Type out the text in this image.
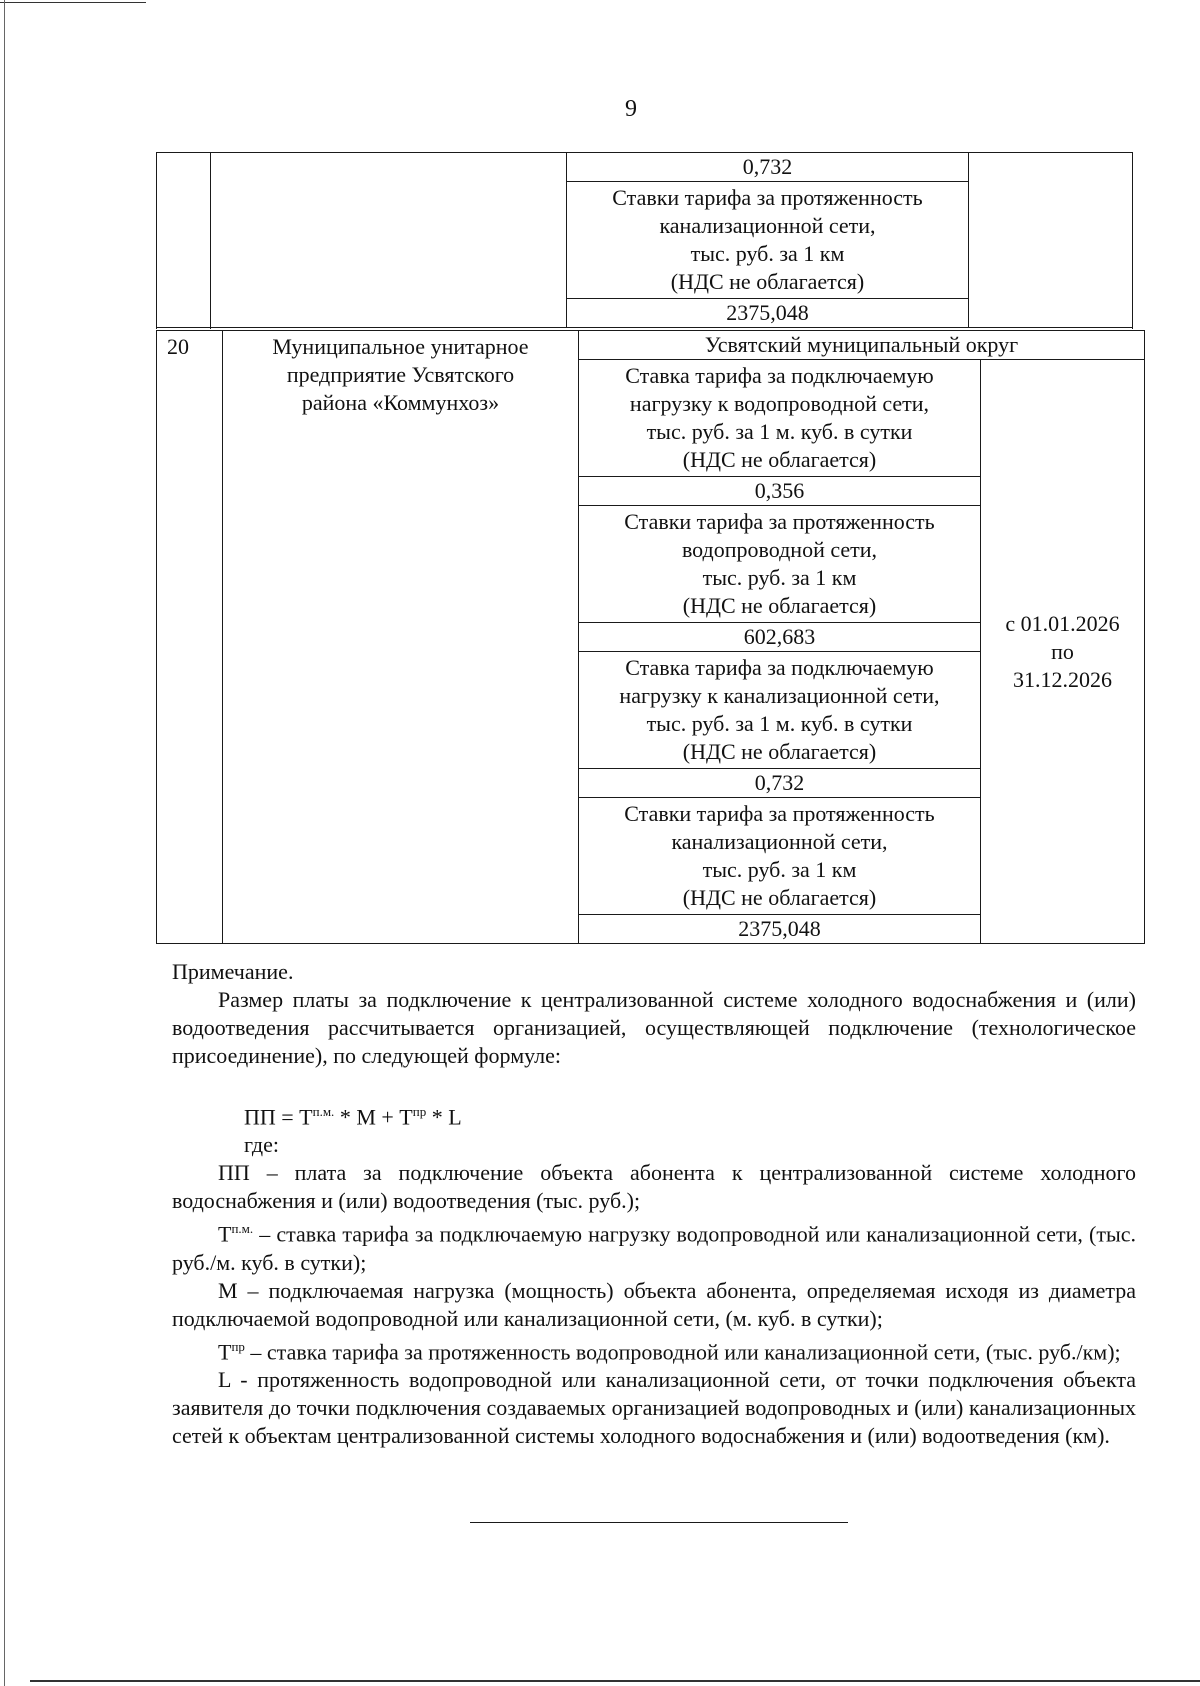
9
		0,732	

Ставки тарифа за протяженность
канализационной сети,
тыс. руб. за 1 км
(НДС не облагается)

2375,048

20	Муниципальное унитарное
предприятие Усвятского
района «Коммунхоз»	Усвятский муниципальный округ	

		Ставка тарифа за подключаемую
нагрузку к водопроводной сети,
тыс. руб. за 1 м. куб. в сутки
(НДС не облагается)	с 01.01.2026
по
31.12.2026

		0,356	

		Ставки тарифа за протяженность
водопроводной сети,
тыс. руб. за 1 км
(НДС не облагается)	

		602,683	

		Ставка тарифа за подключаемую
нагрузку к канализационной сети,
тыс. руб. за 1 м. куб. в сутки
(НДС не облагается)	

		0,732	

		Ставки тарифа за протяженность
канализационной сети,
тыс. руб. за 1 км
(НДС не облагается)	

		2375,048	

Примечание.

Размер платы за подключение к централизованной системе холодного водоснабжения и (или) водоотведения рассчитывается организацией, осуществляющей подключение (технологическое присоединение), по следующей формуле:

ПП = $Т^{п.м.} * М + Т^{пр} * L$

где:

ПП – плата за подключение объекта абонента к централизованной системе холодного водоснабжения и (или) водоотведения (тыс. руб.);

$Т^{п.м.}$ – ставка тарифа за подключаемую нагрузку водопроводной или канализационной сети, (тыс. руб./м. куб. в сутки);

М – подключаемая нагрузка (мощность) объекта абонента, определяемая исходя из диаметра подключаемой водопроводной или канализационной сети, (м. куб. в сутки);

$Т^{пр}$ – ставка тарифа за протяженность водопроводной или канализационной сети, (тыс. руб./км);

L - протяженность водопроводной или канализационной сети, от точки подключения объекта заявителя до точки подключения создаваемых организацией водопроводных и (или) канализационных сетей к объектам централизованной системы холодного водоснабжения и (или) водоотведения (км).
